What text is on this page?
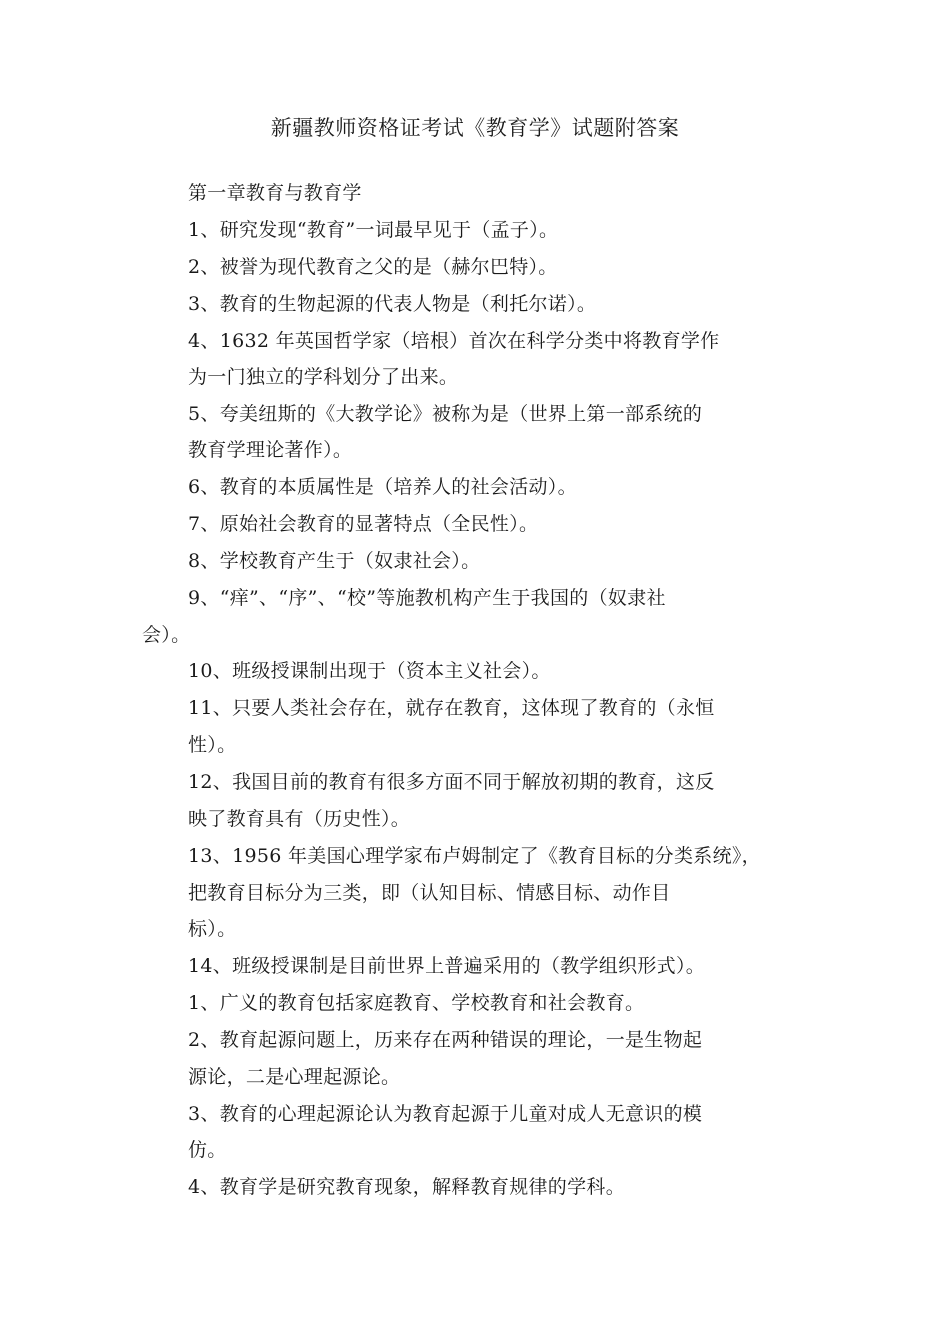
新疆教师资格证考试《教育学》试题附答案
第一章教育与教育学
1、研究发现“教育”一词最早见于（孟子）。
2、被誉为现代教育之父的是（赫尔巴特）。
3、教育的生物起源的代表人物是（利托尔诺）。
4、1632 年英国哲学家（培根）首次在科学分类中将教育学作
为一门独立的学科划分了出来。
5、夸美纽斯的《大教学论》被称为是（世界上第一部系统的
教育学理论著作）。
6、教育的本质属性是（培养人的社会活动）。
7、原始社会教育的显著特点（全民性）。
8、学校教育产生于（奴隶社会）。
9、“痒”、“序”、“校”等施教机构产生于我国的（奴隶社
会）。
10、班级授课制出现于（资本主义社会）。
11、只要人类社会存在，就存在教育，这体现了教育的（永恒
性）。
12、我国目前的教育有很多方面不同于解放初期的教育，这反
映了教育具有（历史性）。
13、1956 年美国心理学家布卢姆制定了《教育目标的分类系统》，
把教育目标分为三类，即（认知目标、情感目标、动作目
标）。
14、班级授课制是目前世界上普遍采用的（教学组织形式）。
1、广义的教育包括家庭教育、学校教育和社会教育。
2、教育起源问题上，历来存在两种错误的理论，一是生物起
源论，二是心理起源论。
3、教育的心理起源论认为教育起源于儿童对成人无意识的模
仿。
4、教育学是研究教育现象，解释教育规律的学科。
